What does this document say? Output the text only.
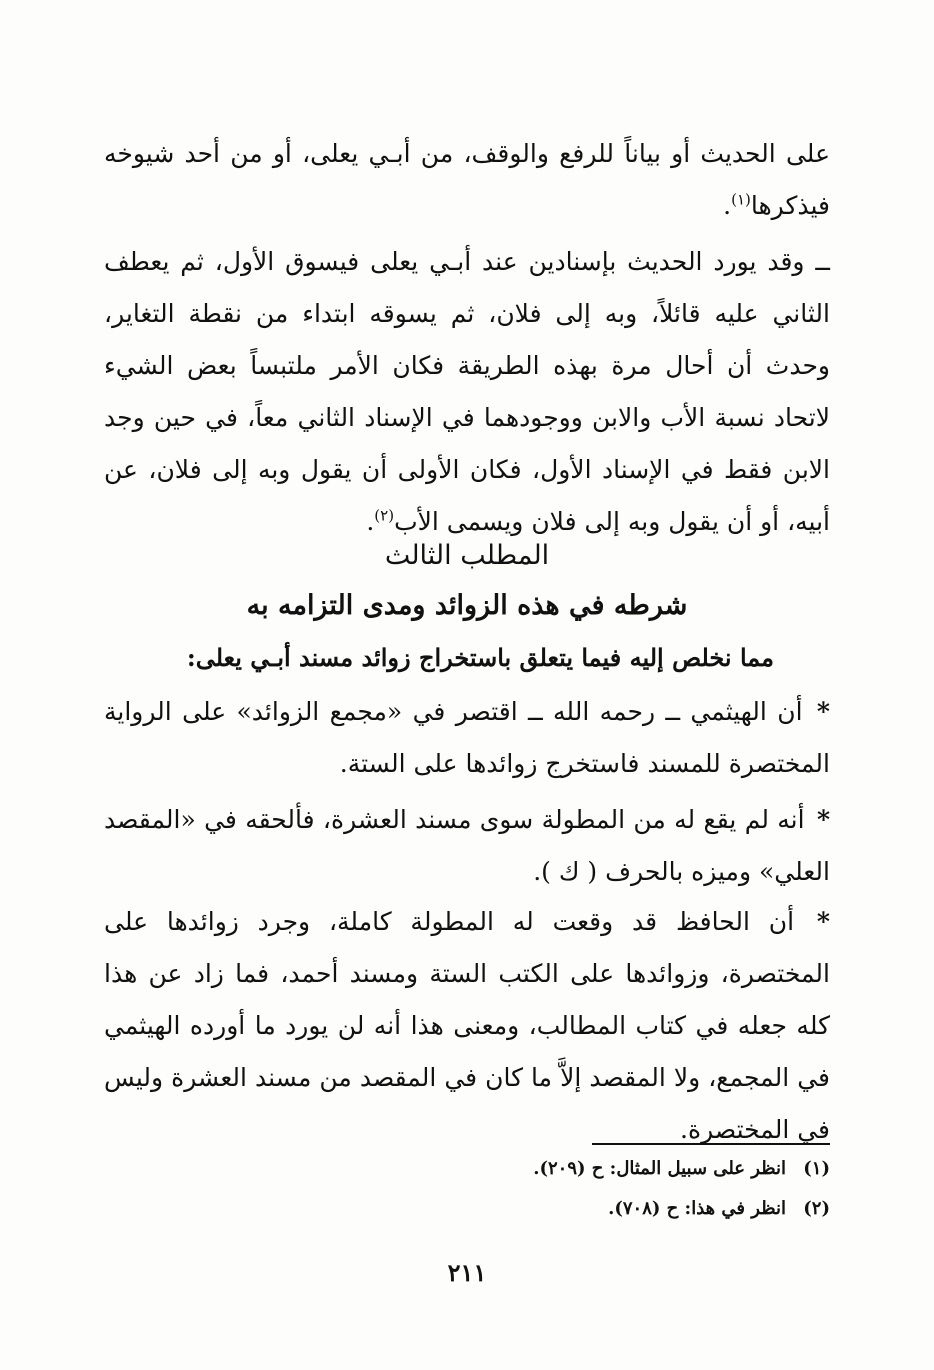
على الحديث أو بياناً للرفع والوقف، من أبـي يعلى، أو من أحد شيوخه فيذكرها$^{(١)}$.

ــ وقد يورد الحديث بإسنادين عند أبـي يعلى فيسوق الأول، ثم يعطف الثاني عليه قائلاً، وبه إلى فلان، ثم يسوقه ابتداء من نقطة التغاير، وحدث أن أحال مرة بهذه الطريقة فكان الأمر ملتبساً بعض الشيء لاتحاد نسبة الأب والابن ووجودهما في الإسناد الثاني معاً، في حين وجد الابن فقط في الإسناد الأول، فكان الأولى أن يقول وبه إلى فلان، عن أبيه، أو أن يقول وبه إلى فلان ويسمى الأب$^{(٢)}$.

المطلب الثالث

شرطه في هذه الزوائد ومدى التزامه به

مما نخلص إليه فيما يتعلق باستخراج زوائد مسند أبـي يعلى:

* أن الهيثمي ــ رحمه الله ــ اقتصر في «مجمع الزوائد» على الرواية المختصرة للمسند فاستخرج زوائدها على الستة.

* أنه لم يقع له من المطولة سوى مسند العشرة، فألحقه في «المقصد العلي» وميزه بالحرف ( ك ).

* أن الحافظ قد وقعت له المطولة كاملة، وجرد زوائدها على المختصرة، وزوائدها على الكتب الستة ومسند أحمد، فما زاد عن هذا كله جعله في كتاب المطالب، ومعنى هذا أنه لن يورد ما أورده الهيثمي في المجمع، ولا المقصد إلاَّ ما كان في المقصد من مسند العشرة وليس في المختصرة.

(١)انظر على سبيل المثال: ح (٢٠٩).

(٢)انظر في هذا: ح (٧٠٨).

٢١١
